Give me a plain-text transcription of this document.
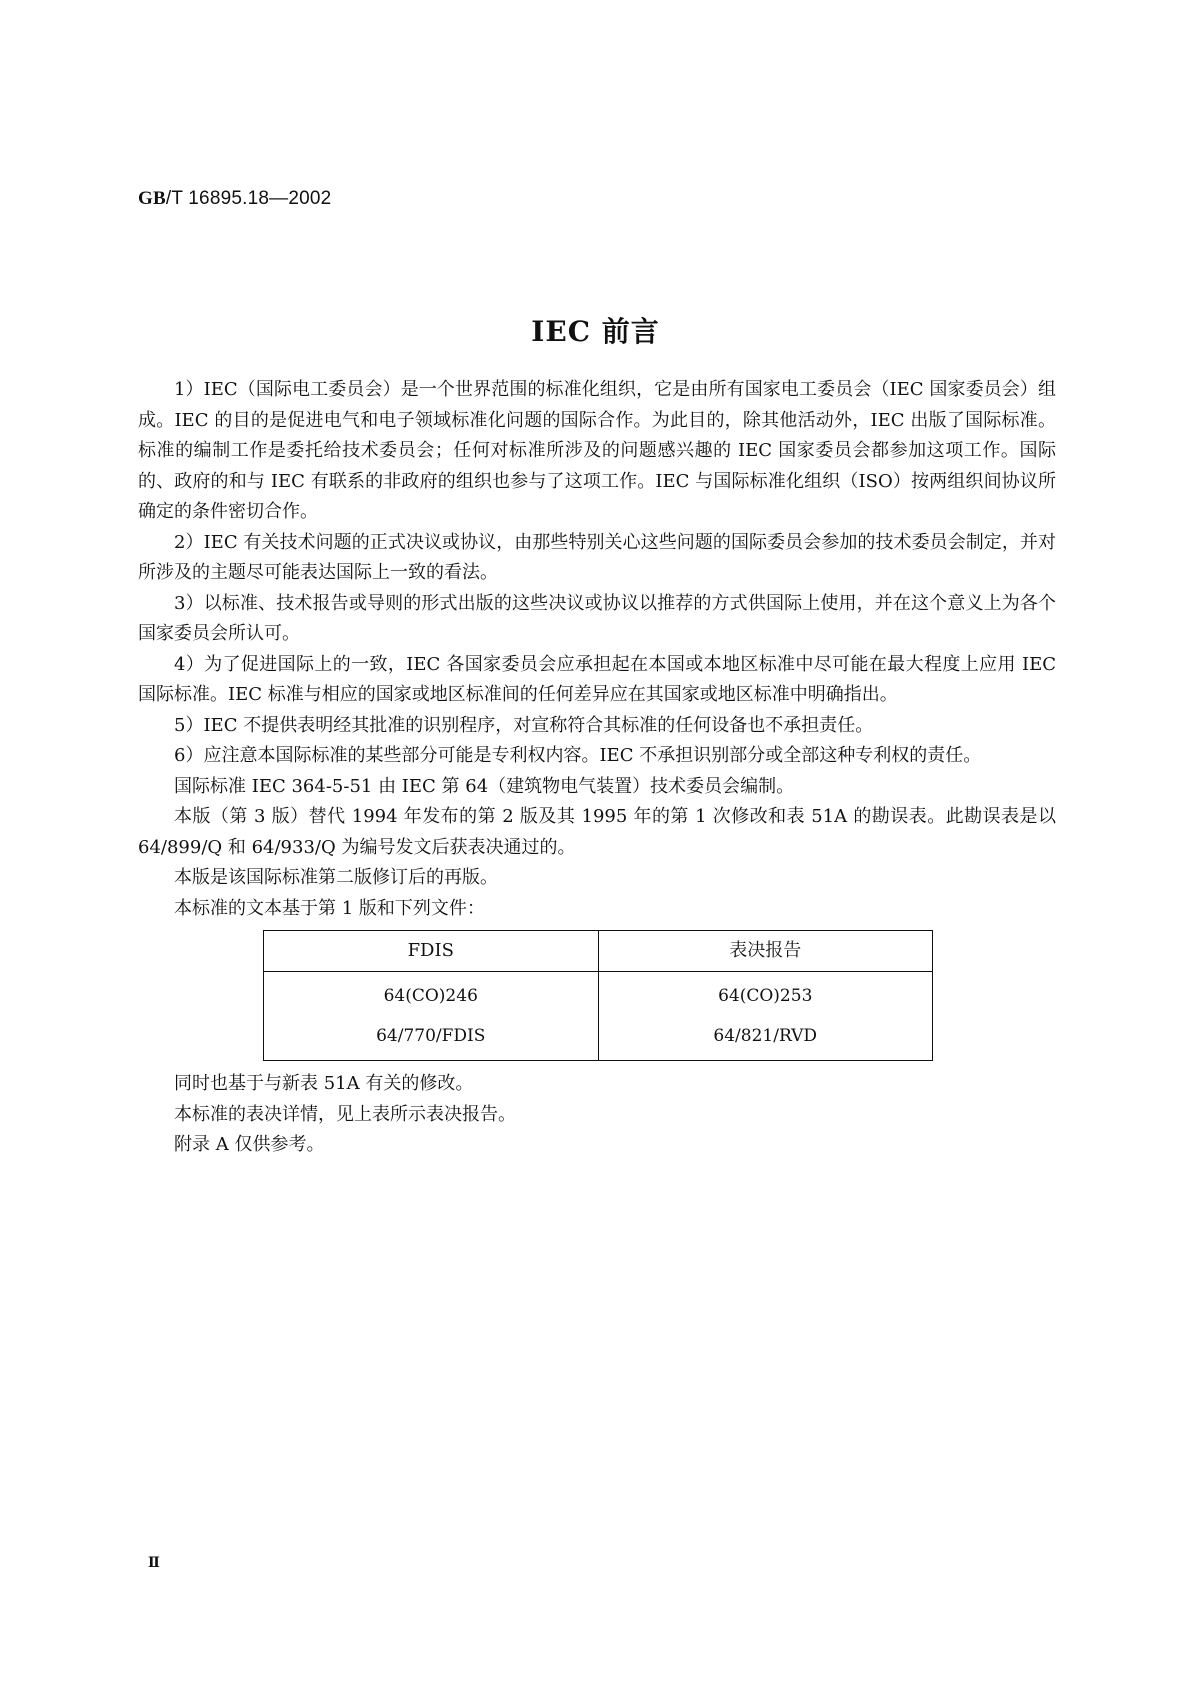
GB/T 16895.18—2002
IEC 前言

1）IEC（国际电工委员会）是一个世界范围的标准化组织，它是由所有国家电工委员会（IEC 国家委员会）组成。IEC 的目的是促进电气和电子领域标准化问题的国际合作。为此目的，除其他活动外，IEC 出版了国际标准。标准的编制工作是委托给技术委员会；任何对标准所涉及的问题感兴趣的 IEC 国家委员会都参加这项工作。国际的、政府的和与 IEC 有联系的非政府的组织也参与了这项工作。IEC 与国际标准化组织（ISO）按两组织间协议所确定的条件密切合作。

2）IEC 有关技术问题的正式决议或协议，由那些特别关心这些问题的国际委员会参加的技术委员会制定，并对所涉及的主题尽可能表达国际上一致的看法。

3）以标准、技术报告或导则的形式出版的这些决议或协议以推荐的方式供国际上使用，并在这个意义上为各个国家委员会所认可。

4）为了促进国际上的一致，IEC 各国家委员会应承担起在本国或本地区标准中尽可能在最大程度上应用 IEC 国际标准。IEC 标准与相应的国家或地区标准间的任何差异应在其国家或地区标准中明确指出。

5）IEC 不提供表明经其批准的识别程序，对宣称符合其标准的任何设备也不承担责任。

6）应注意本国际标准的某些部分可能是专利权内容。IEC 不承担识别部分或全部这种专利权的责任。

国际标准 IEC 364-5-51 由 IEC 第 64（建筑物电气装置）技术委员会编制。

本版（第 3 版）替代 1994 年发布的第 2 版及其 1995 年的第 1 次修改和表 51A 的勘误表。此勘误表是以 64/899/Q 和 64/933/Q 为编号发文后获表决通过的。

本版是该国际标准第二版修订后的再版。

本标准的文本基于第 1 版和下列文件：

FDIS	表决报告
64(CO)246	64(CO)253
64/770/FDIS	64/821/RVD

同时也基于与新表 51A 有关的修改。

本标准的表决详情，见上表所示表决报告。

附录 A 仅供参考。

Ⅱ
